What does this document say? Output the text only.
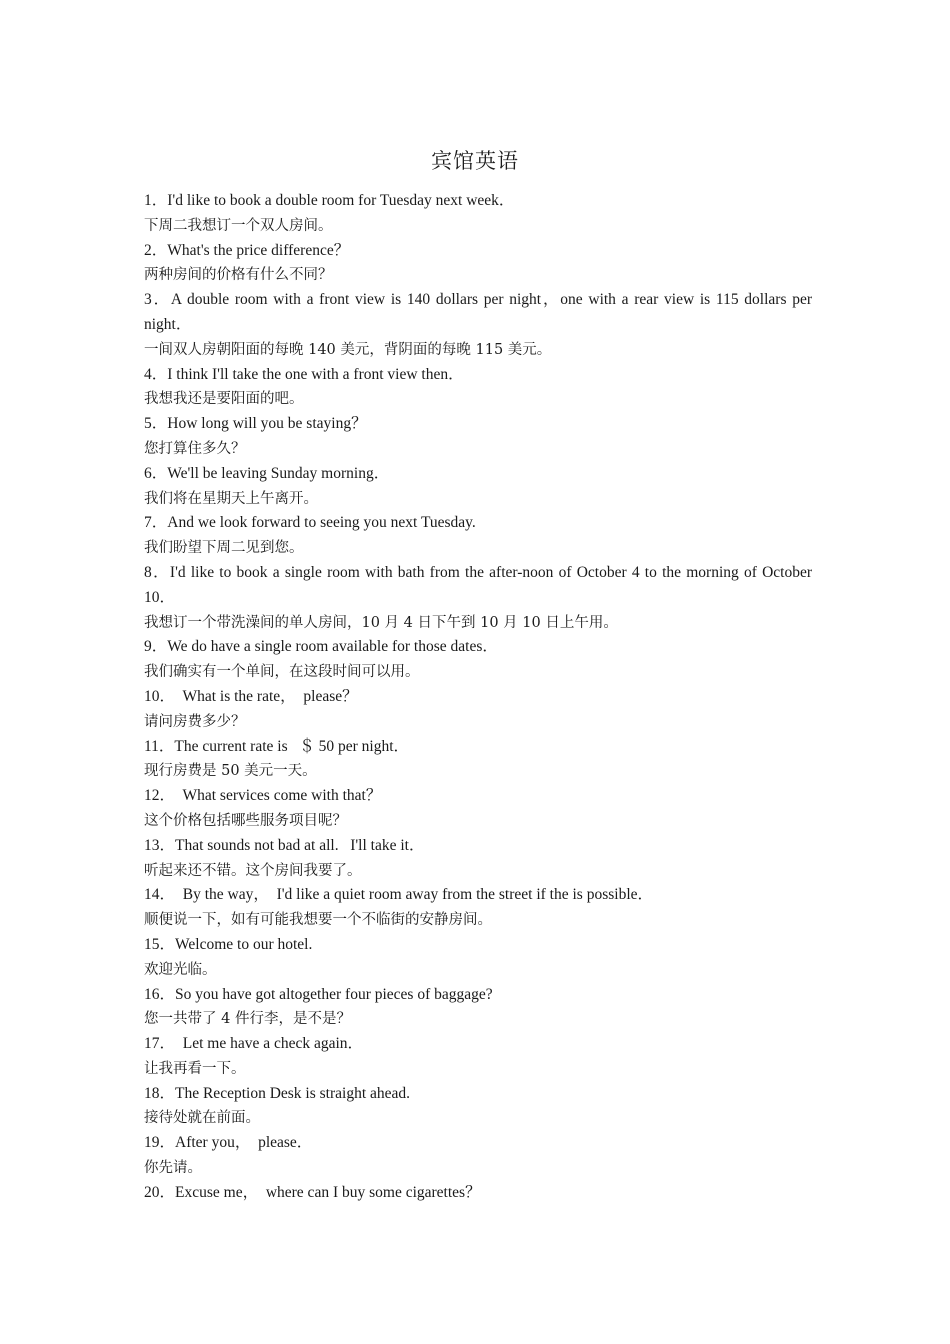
宾馆英语

1．I'd like to book a double room for Tuesday next week．

下周二我想订一个双人房间。

2．What's the price difference？

两种房间的价格有什么不同？

3．A double room with a front view is 140 dollars per night，one with a rear view is 115 dollars per night．

一间双人房朝阳面的每晚 140 美元，背阴面的每晚 115 美元。

4．I think I'll take the one with a front view then．

我想我还是要阳面的吧。

5．How long will you be staying？

您打算住多久？

6．We'll be leaving Sunday morning．

我们将在星期天上午离开。

7．And we look forward to seeing you next Tuesday.

我们盼望下周二见到您。

8．I'd like to book a single room with bath from the after-noon of October 4 to the morning of October 10．

我想订一个带洗澡间的单人房间，10 月 4 日下午到 10 月 10 日上午用。

9．We do have a single room available for those dates．

我们确实有一个单间，在这段时间可以用。

10．  What is the rate，  please？

请问房费多少？

11．The current rate is   ＄ 50 per night．

现行房费是 50 美元一天。

12．  What services come with that？

这个价格包括哪些服务项目呢？

13．That sounds not bad at all.   I'll take it．

听起来还不错。这个房间我要了。

14．  By the way，  I'd like a quiet room away from the street if the is possible．

顺便说一下，如有可能我想要一个不临街的安静房间。

15．Welcome to our hotel.

欢迎光临。

16．So you have got altogether four pieces of baggage?

您一共带了 4 件行李，是不是？

17．  Let me have a check again．

让我再看一下。

18．The Reception Desk is straight ahead.

接待处就在前面。

19．After you，  please．

你先请。

20．Excuse me，  where can I buy some cigarettes？
